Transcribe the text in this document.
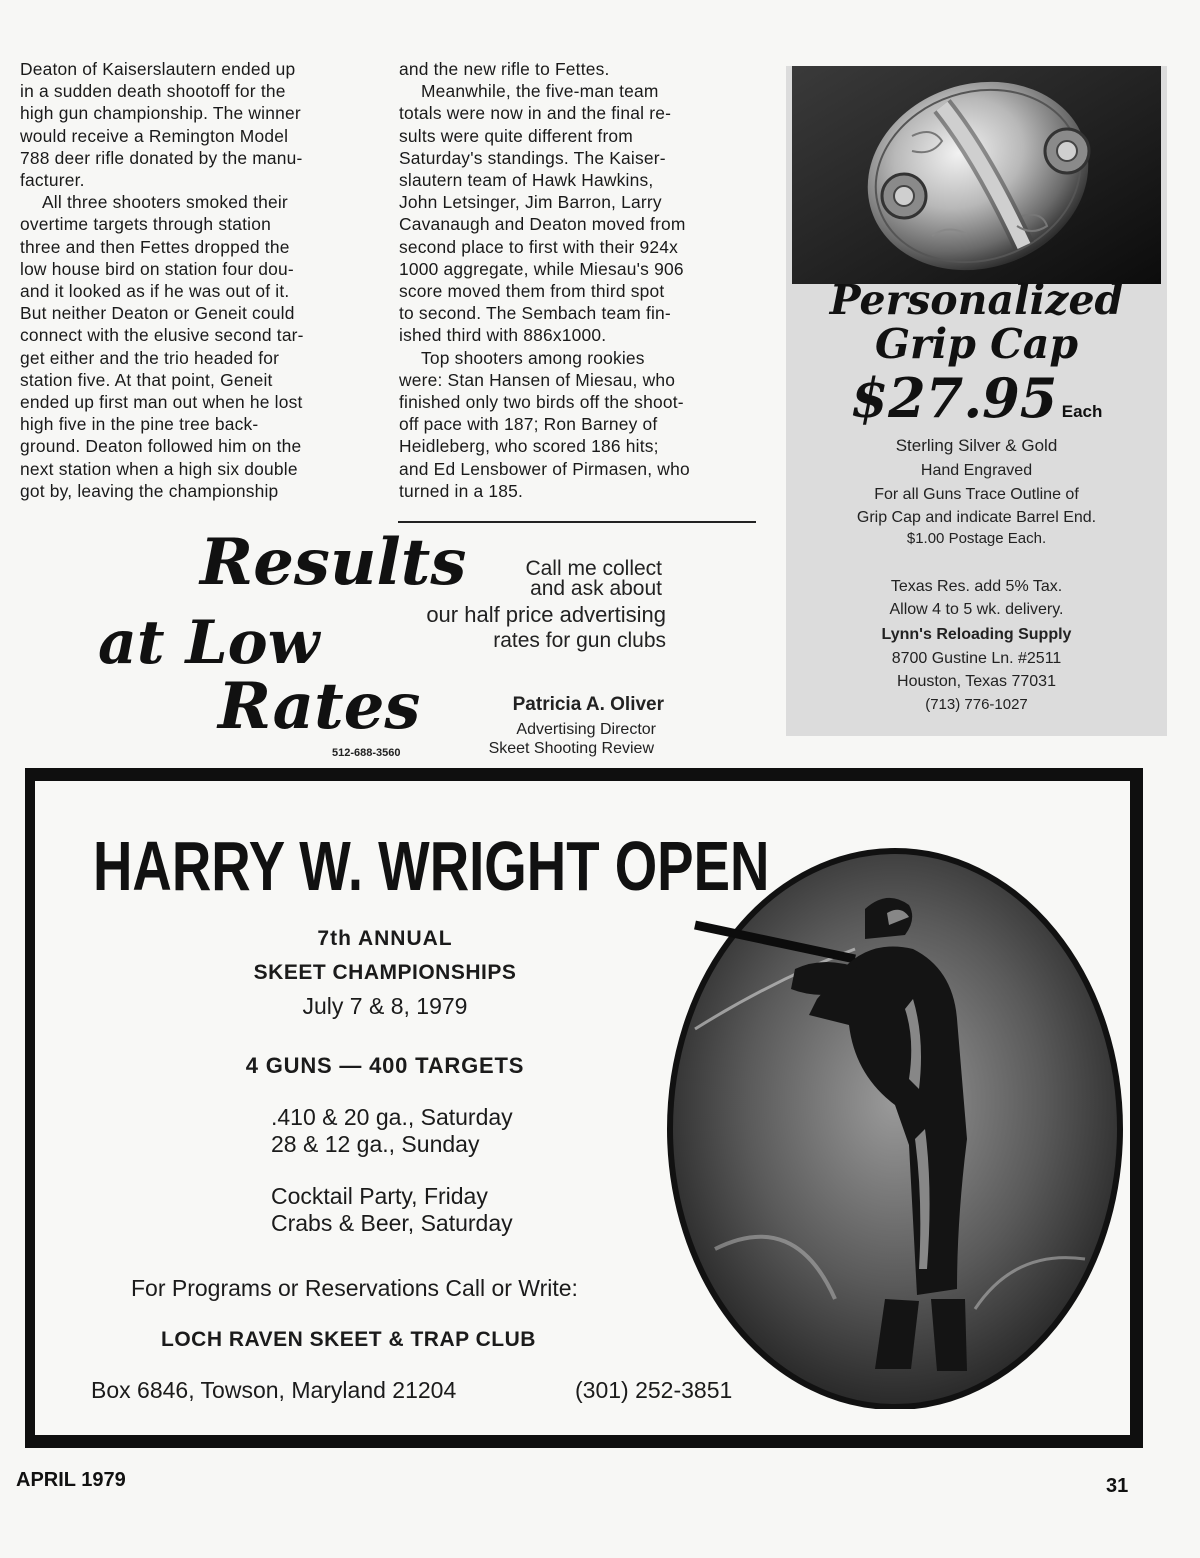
Deaton of Kaiserslautern ended up
in a sudden death shootoff for the
high gun championship. The winner
would receive a Remington Model
788 deer rifle donated by the manu-
facturer.
All three shooters smoked their
overtime targets through station
three and then Fettes dropped the
low house bird on station four dou-
and it looked as if he was out of it.
But neither Deaton or Geneit could
connect with the elusive second tar-
get either and the trio headed for
station five. At that point, Geneit
ended up first man out when he lost
high five in the pine tree back-
ground. Deaton followed him on the
next station when a high six double
got by, leaving the championship
and the new rifle to Fettes.
Meanwhile, the five-man team
totals were now in and the final re-
sults were quite different from
Saturday's standings. The Kaiser-
slautern team of Hawk Hawkins,
John Letsinger, Jim Barron, Larry
Cavanaugh and Deaton moved from
second place to first with their 924x
1000 aggregate, while Miesau's 906
score moved them from third spot
to second. The Sembach team fin-
ished third with 886x1000.
Top shooters among rookies
were: Stan Hansen of Miesau, who
finished only two birds off the shoot-
off pace with 187; Ron Barney of
Heidleberg, who scored 186 hits;
and Ed Lensbower of Pirmasen, who
turned in a 185.
Personalized
Grip Cap
$27.95 Each
Sterling Silver & Gold
Hand Engraved
For all Guns Trace Outline of
Grip Cap and indicate Barrel End.
$1.00 Postage Each.
Texas Res. add 5% Tax.
Allow 4 to 5 wk. delivery.
Lynn's Reloading Supply
8700 Gustine Ln. #2511
Houston, Texas 77031
(713) 776-1027
Results
at Low
Rates
Call me collect
and ask about
our half price advertising
rates for gun clubs
Patricia A. Oliver
Advertising Director
Skeet Shooting Review
512-688-3560
HARRY W. WRIGHT OPEN
7th ANNUAL
SKEET CHAMPIONSHIPS
July 7 & 8, 1979
4 GUNS — 400 TARGETS
.410 & 20 ga., Saturday
28 & 12 ga., Sunday
Cocktail Party, Friday
Crabs & Beer, Saturday
For Programs or Reservations Call or Write:
LOCH RAVEN SKEET & TRAP CLUB
Box 6846, Towson, Maryland 21204	(301) 252-3851
APRIL 1979	31
